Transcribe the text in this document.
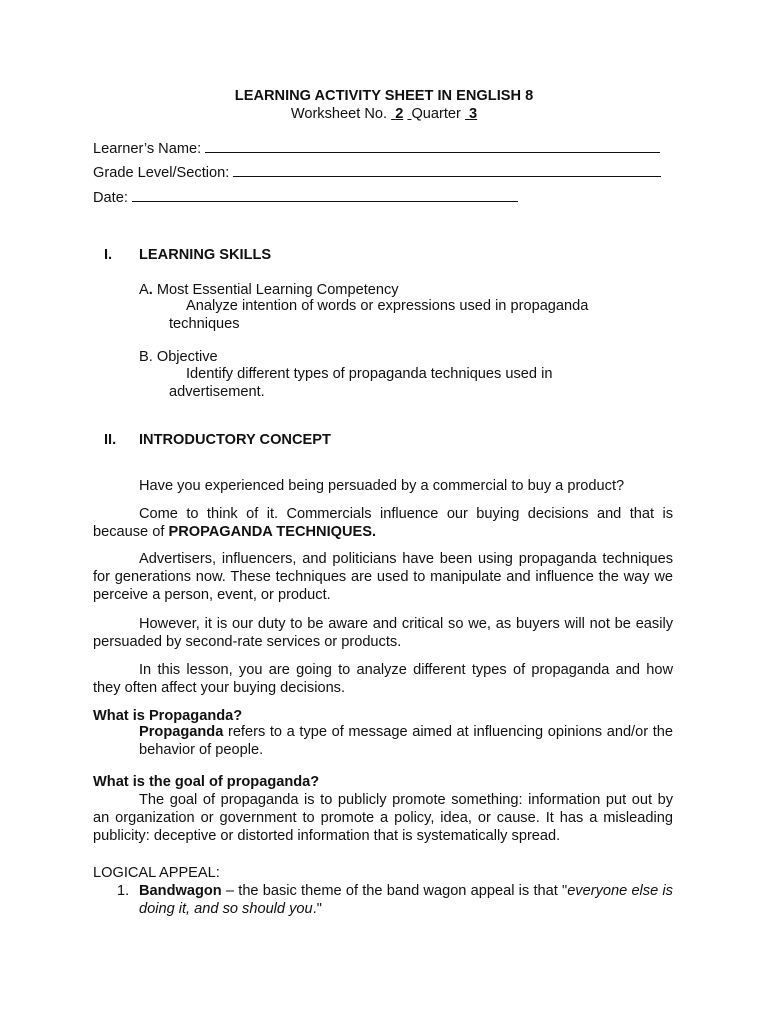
LEARNING ACTIVITY SHEET IN ENGLISH 8
Worksheet No. 2 Quarter 3
Learner’s Name:
Grade Level/Section:
Date:
I. LEARNING SKILLS
A. Most Essential Learning Competency
Analyze intention of words or expressions used in propaganda
techniques
B. Objective
Identify different types of propaganda techniques used in
advertisement.
II. INTRODUCTORY CONCEPT
Have you experienced being persuaded by a commercial to buy a product?
Come to think of it. Commercials influence our buying decisions and that is because of PROPAGANDA TECHNIQUES.
Advertisers, influencers, and politicians have been using propaganda techniques for generations now. These techniques are used to manipulate and influence the way we perceive a person, event, or product.
However, it is our duty to be aware and critical so we, as buyers will not be easily persuaded by second-rate services or products.
In this lesson, you are going to analyze different types of propaganda and how they often affect your buying decisions.
What is Propaganda?
Propaganda refers to a type of message aimed at influencing opinions and/or the behavior of people.
What is the goal of propaganda?
The goal of propaganda is to publicly promote something: information put out by an organization or government to promote a policy, idea, or cause. It has a misleading publicity: deceptive or distorted information that is systematically spread.
LOGICAL APPEAL:
1. Bandwagon – the basic theme of the band wagon appeal is that "everyone else is doing it, and so should you."
